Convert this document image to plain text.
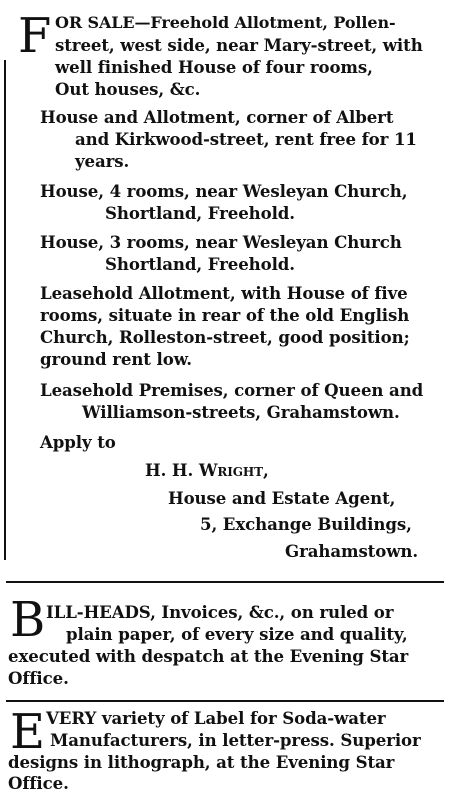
F OR SALE—Freehold Allotment, Pollen-
street, west side, near Mary-street, with
well finished House of four rooms,
Out houses, &c.
House and Allotment, corner of Albert
and Kirkwood-street, rent free for 11
years.
House, 4 rooms, near Wesleyan Church,
Shortland, Freehold.
House, 3 rooms, near Wesleyan Church
Shortland, Freehold.
Leasehold Allotment, with House of five
rooms, situate in rear of the old English
Church, Rolleston-street, good position;
ground rent low.
Leasehold Premises, corner of Queen and
Williamson-streets, Grahamstown.
Apply to
H. H. Wright,
House and Estate Agent,
5, Exchange Buildings,
Grahamstown.
B ILL-HEADS, Invoices, &c., on ruled or
plain paper, of every size and quality,
executed with despatch at the Evening Star
Office.
E VERY variety of Label for Soda-water
Manufacturers, in letter-press. Superior
designs in lithograph, at the Evening Star
Office.
